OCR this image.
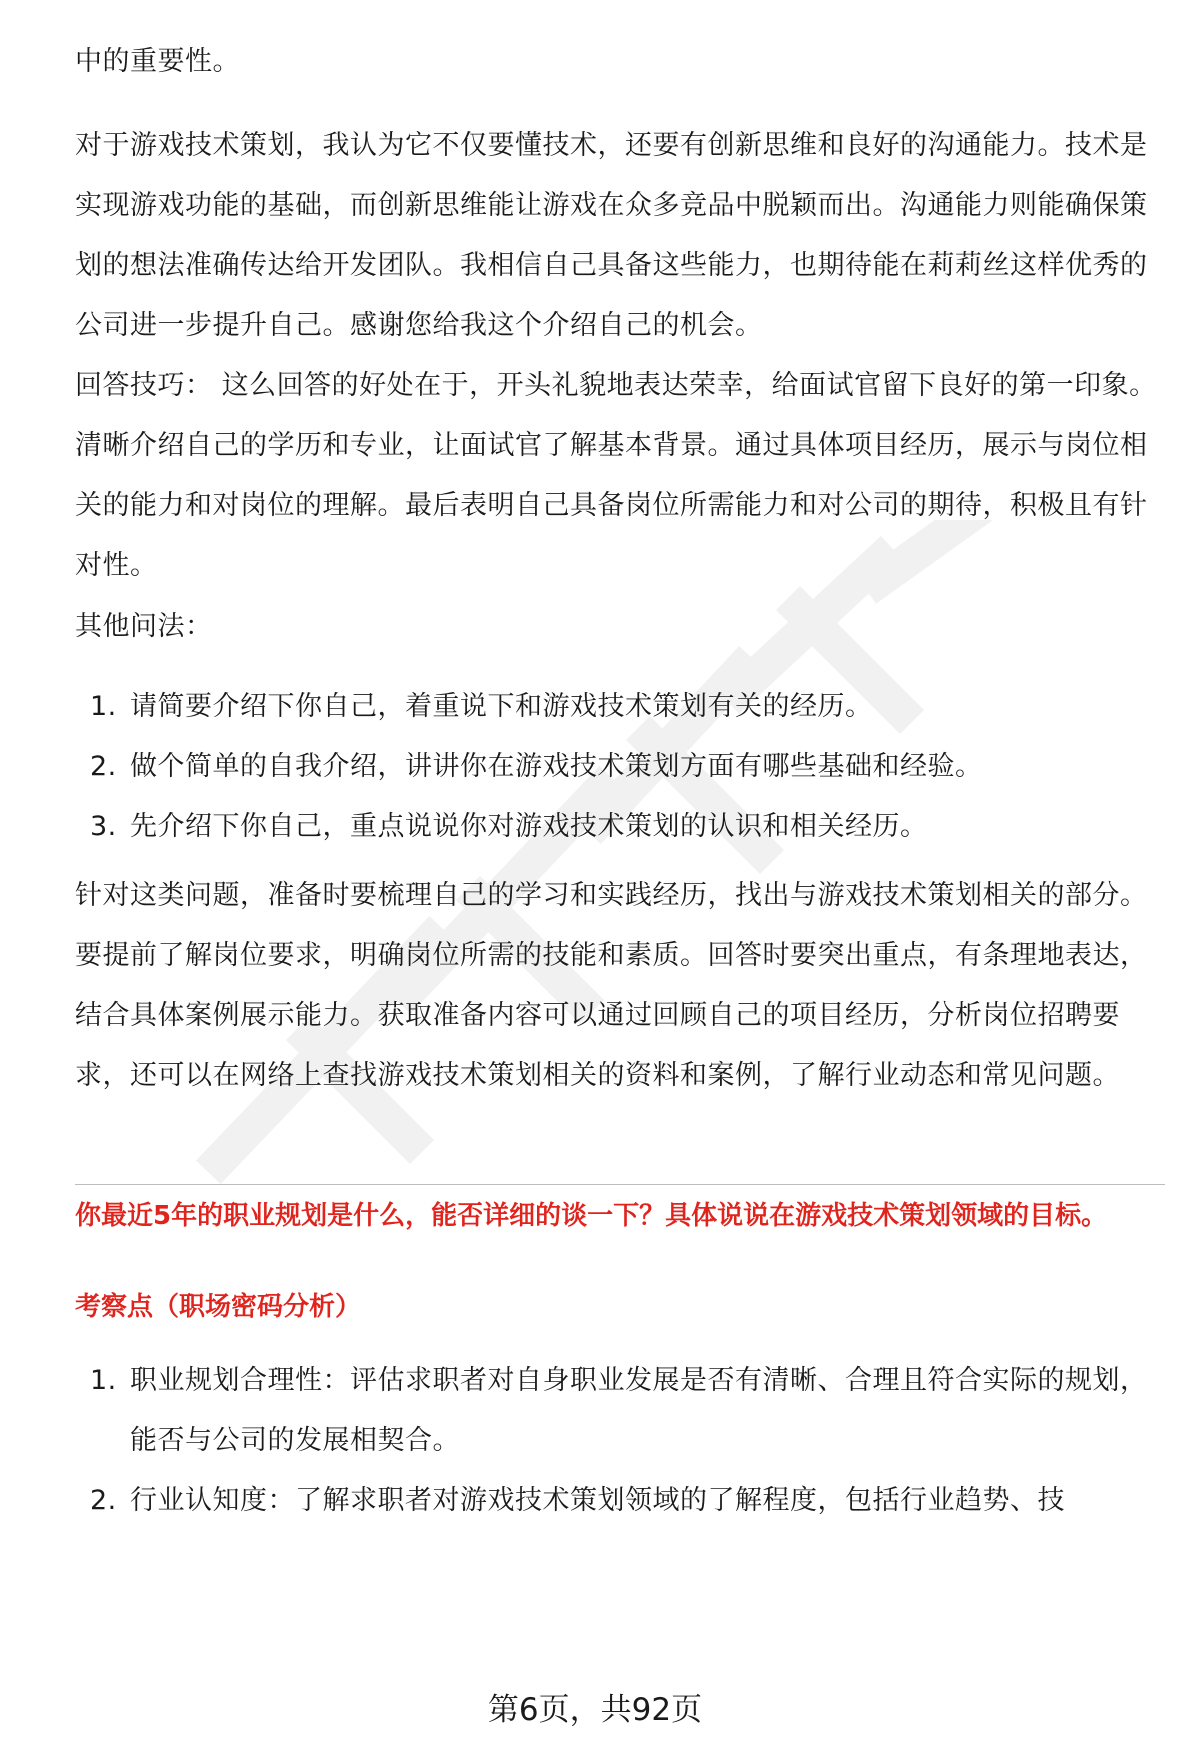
中的重要性。

对于游戏技术策划，我认为它不仅要懂技术，还要有创新思维和良好的沟通能力。技术是实现游戏功能的基础，而创新思维能让游戏在众多竞品中脱颖而出。沟通能力则能确保策划的想法准确传达给开发团队。我相信自己具备这些能力，也期待能在莉莉丝这样优秀的公司进一步提升自己。感谢您给我这个介绍自己的机会。

回答技巧： 这么回答的好处在于，开头礼貌地表达荣幸，给面试官留下良好的第一印象。清晰介绍自己的学历和专业，让面试官了解基本背景。通过具体项目经历，展示与岗位相关的能力和对岗位的理解。最后表明自己具备岗位所需能力和对公司的期待，积极且有针对性。

其他问法：

1. 请简要介绍下你自己，着重说下和游戏技术策划有关的经历。
2. 做个简单的自我介绍，讲讲你在游戏技术策划方面有哪些基础和经验。
3. 先介绍下你自己，重点说说你对游戏技术策划的认识和相关经历。

针对这类问题，准备时要梳理自己的学习和实践经历，找出与游戏技术策划相关的部分。要提前了解岗位要求，明确岗位所需的技能和素质。回答时要突出重点，有条理地表达，结合具体案例展示能力。获取准备内容可以通过回顾自己的项目经历，分析岗位招聘要求，还可以在网络上查找游戏技术策划相关的资料和案例，了解行业动态和常见问题。

你最近5年的职业规划是什么，能否详细的谈一下？具体说说在游戏技术策划领域的目标。

考察点（职场密码分析）

1. 职业规划合理性：评估求职者对自身职业发展是否有清晰、合理且符合实际的规划，能否与公司的发展相契合。
2. 行业认知度：了解求职者对游戏技术策划领域的了解程度，包括行业趋势、技
第6页，共92页
